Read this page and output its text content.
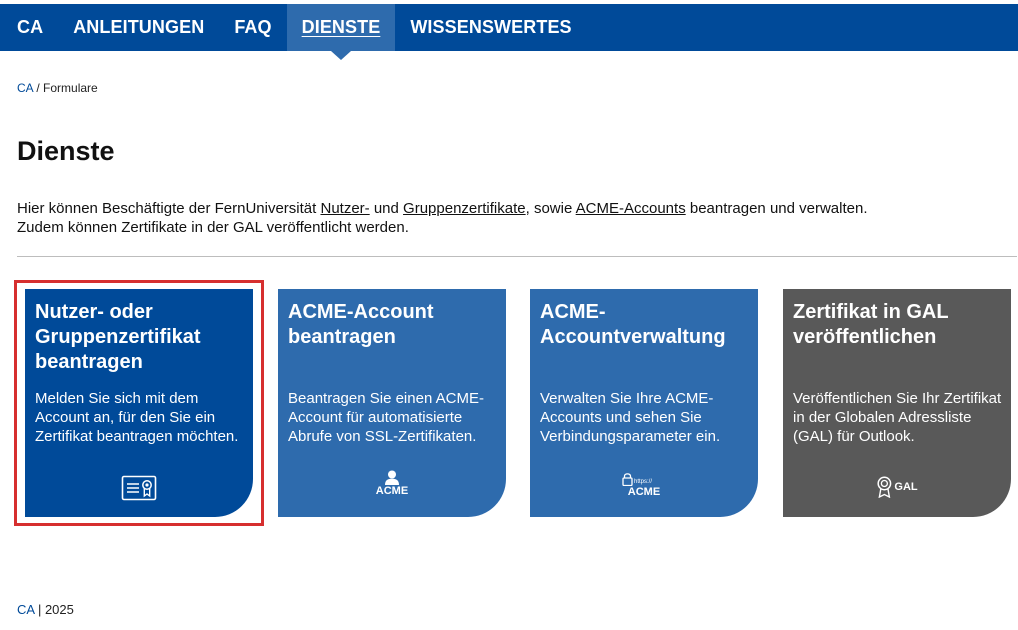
CA	ANLEITUNGEN	FAQ	DIENSTE	WISSENSWERTES
CA / Formulare
Dienste
Hier können Beschäftigte der FernUniversität Nutzer- und Gruppenzertifikate, sowie ACME-Accounts beantragen und verwalten.
Zudem können Zertifikate in der GAL veröffentlicht werden.
Nutzer- oder Gruppenzertifikat beantragen
Melden Sie sich mit dem Account an, für den Sie ein Zertifikat beantragen möchten.
ACME-Account beantragen
Beantragen Sie einen ACME-Account für automatisierte Abrufe von SSL-Zertifikaten.
ACME
ACME-Accountverwaltung
Verwalten Sie Ihre ACME-Accounts und sehen Sie Verbindungsparameter ein.
https://
ACME
Zertifikat in GAL veröffentlichen
Veröffentlichen Sie Ihr Zertifikat in der Globalen Adressliste (GAL) für Outlook.
GAL
CA | 2025
